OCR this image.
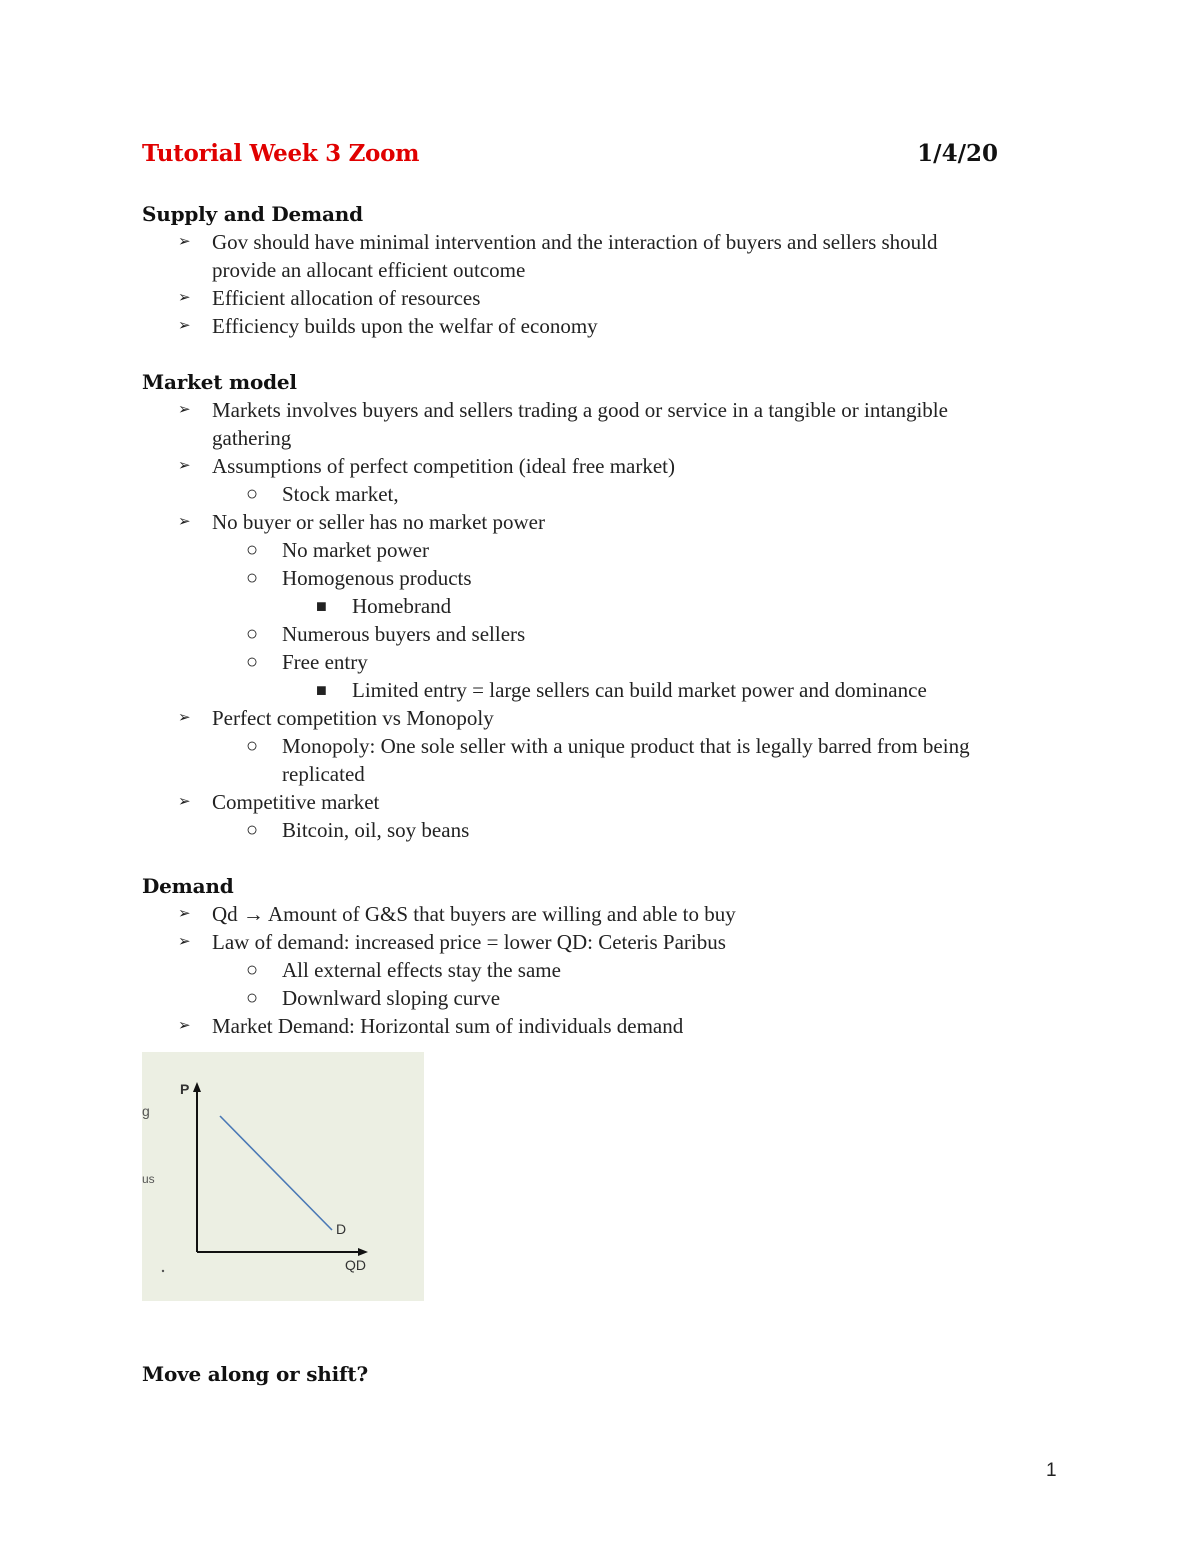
Tutorial Week 3 Zoom	1/4/20
Supply and Demand
➢ Gov should have minimal intervention and the interaction of buyers and sellers should
provide an allocant efficient outcome
➢ Efficient allocation of resources
➢ Efficiency builds upon the welfar of economy
Market model
➢ Markets involves buyers and sellers trading a good or service in a tangible or intangible
gathering
➢ Assumptions of perfect competition (ideal free market)
○ Stock market,
➢ No buyer or seller has no market power
○ No market power
○ Homogenous products
■ Homebrand
○ Numerous buyers and sellers
○ Free entry
■ Limited entry = large sellers can build market power and dominance
➢ Perfect competition vs Monopoly
○ Monopoly: One sole seller with a unique product that is legally barred from being
replicated
➢ Competitive market
○ Bitcoin, oil, soy beans
Demand
➢ Qd → Amount of G&S that buyers are willing and able to buy
➢ Law of demand: increased price = lower QD: Ceteris Paribus
○ All external effects stay the same
○ Downlward sloping curve
➢ Market Demand: Horizontal sum of individuals demand
g
us
P
QD
D
Move along or shift?
1
